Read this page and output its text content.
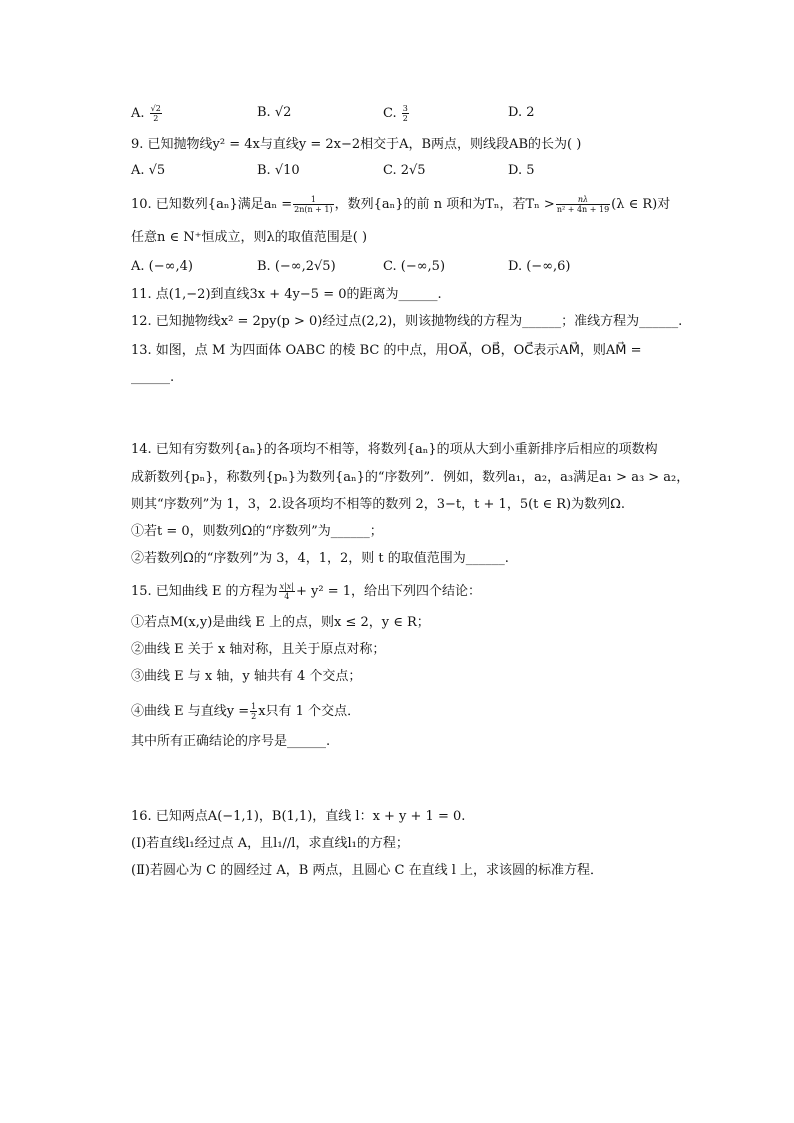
A. $\frac{√2}{2}$	B. √2	C. $\frac{3}{2}$	D. 2
9. 已知抛物线y² = 4x与直线y = 2x−2相交于A，B两点，则线段AB的长为( )
A. √5	B. √10	C. 2√5	D. 5
10. 已知数列{aₙ}满足$a_n = \frac{1}{2n(n + 1)}$ ，数列{aₙ}的前 n 项和为Tₙ，若$T_n > \frac{n\lambda}{\text{n² + 4n + 19}} (\lambda$ ∈ R)对
任意n ∈ N⁺恒成立，则λ的取值范围是( )
A. (−∞,4)	B. (−∞,2√5)	C. (−∞,5)	D. (−∞,6)
11. 点(1,−2)到直线3x + 4y−5 = 0的距离为______.
12. 已知抛物线x² = 2py(p > 0)经过点(2,2)，则该抛物线的方程为______；准线方程为______.
13. 如图，点 M 为四面体 OABC 的棱 BC 的中点，用OA⃗，OB⃗，OC⃗表示AM⃗，则AM⃗ =
______.
14. 已知有穷数列{aₙ}的各项均不相等，将数列{aₙ}的项从大到小重新排序后相应的项数构
成新数列{pₙ}，称数列{pₙ}为数列{aₙ}的“序数列”．例如，数列a₁，a₂，a₃满足a₁ > a₃ > a₂，
则其“序数列”为 1，3，2.设各项均不相等的数列 2，3−t，t + 1，5(t ∈ R)为数列Ω.
①若t = 0，则数列Ω的“序数列”为______；
②若数列Ω的“序数列”为 3，4，1，2，则 t 的取值范围为______.
15. 已知曲线 E 的方程为 $\frac{x|x|}{4} + y^2 = 1$，给出下列四个结论：
①若点M(x,y)是曲线 E 上的点，则x ≤ 2，y ∈ R；
②曲线 E 关于 x 轴对称，且关于原点对称；
③曲线 E 与 x 轴，y 轴共有 4 个交点；
④曲线 E 与直线$y = \frac{1}{2}$ x只有 1 个交点．
其中所有正确结论的序号是______.
16. 已知两点A(−1,1)，B(1,1)，直线 l：x + y + 1 = 0.
(Ⅰ)若直线l₁经过点 A，且l₁//l，求直线l₁的方程；
(Ⅱ)若圆心为 C 的圆经过 A，B 两点，且圆心 C 在直线 l 上，求该圆的标准方程．
